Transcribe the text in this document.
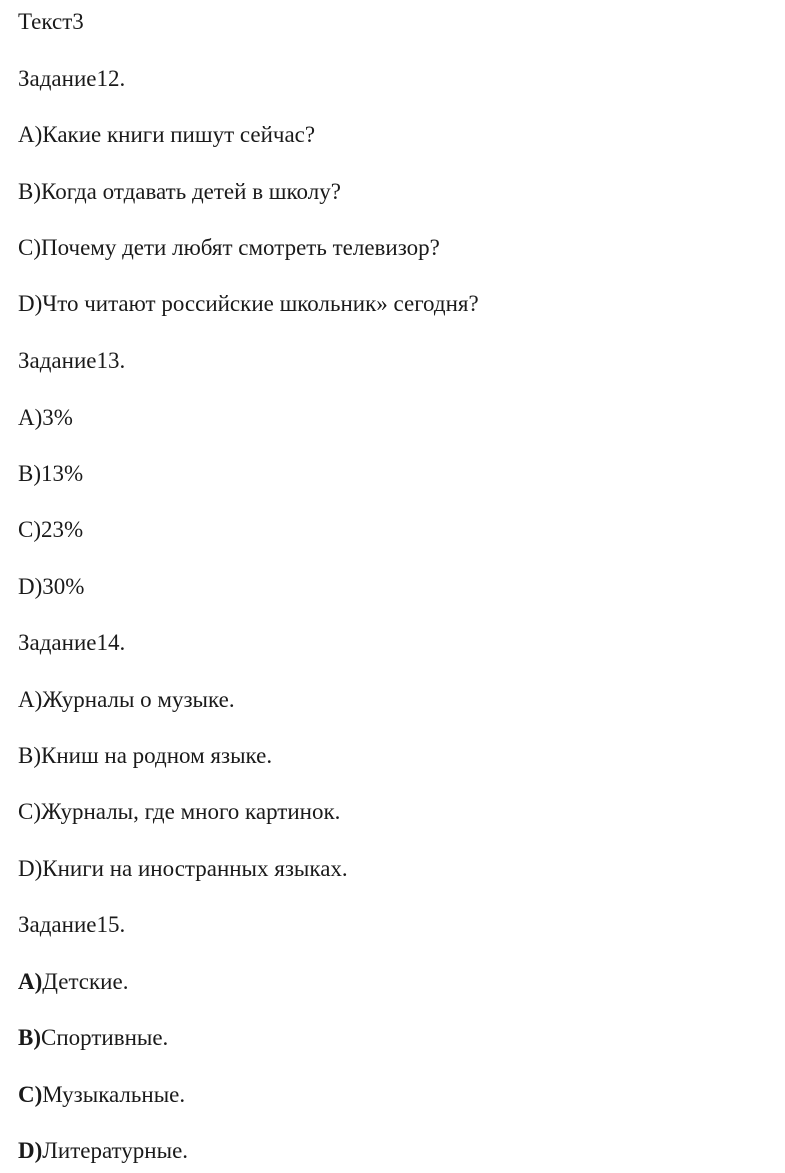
Текст3
Задание12.
A)Какие книги пишут сейчас?
B)Когда отдавать детей в школу?
C)Почему дети любят смотреть телевизор?
D)Что читают российские школьник» сегодня?
Задание13.
A)3%
B)13%
C)23%
D)30%
Задание14.
A)Журналы о музыке.
B)Книш на родном языке.
C)Журналы, где много картинок.
D)Книги на иностранных языках.
Задание15.
A)Детские.
B)Спортивные.
C)Музыкальные.
D)Литературные.
